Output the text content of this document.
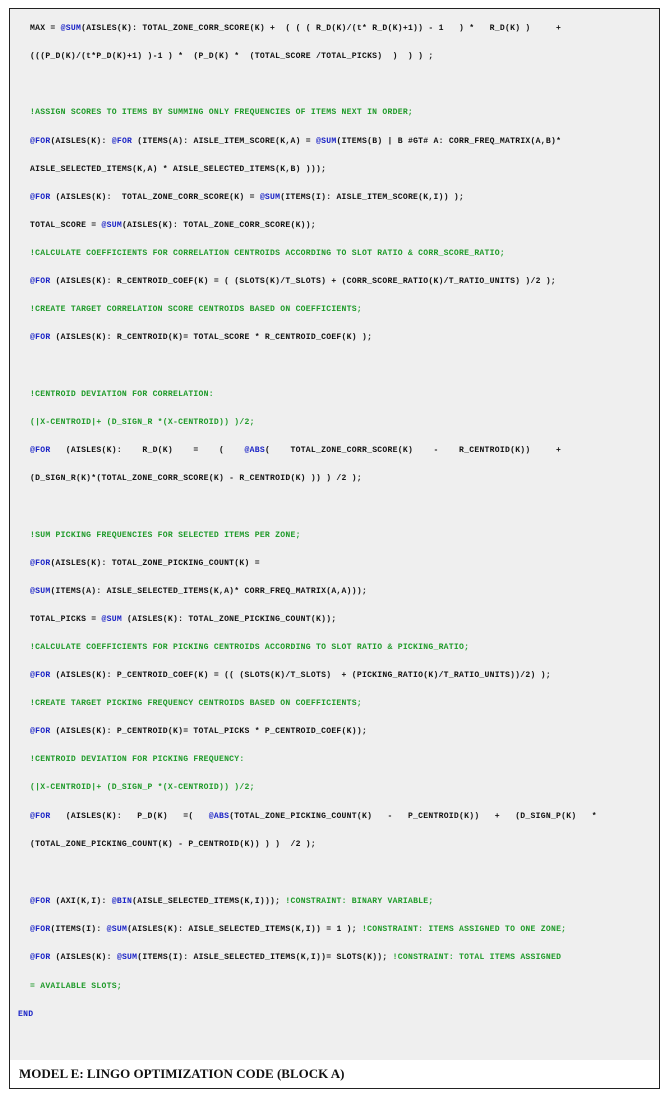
MAX = @SUM(AISLES(K): TOTAL_ZONE_CORR_SCORE(K) +  ( ( ( R_D(K)/(t* R_D(K)+1)) - 1   ) *   R_D(K) )     +
(((P_D(K)/(t*P_D(K)+1) )-1 ) *  (P_D(K) *  (TOTAL_SCORE /TOTAL_PICKS)  )  ) ) ;
!ASSIGN SCORES TO ITEMS BY SUMMING ONLY FREQUENCIES OF ITEMS NEXT IN ORDER;
@FOR(AISLES(K): @FOR (ITEMS(A): AISLE_ITEM_SCORE(K,A) = @SUM(ITEMS(B) | B #GT# A: CORR_FREQ_MATRIX(A,B)*
AISLE_SELECTED_ITEMS(K,A) * AISLE_SELECTED_ITEMS(K,B) )));
@FOR (AISLES(K):  TOTAL_ZONE_CORR_SCORE(K) = @SUM(ITEMS(I): AISLE_ITEM_SCORE(K,I)) );
TOTAL_SCORE = @SUM(AISLES(K): TOTAL_ZONE_CORR_SCORE(K));
!CALCULATE COEFFICIENTS FOR CORRELATION CENTROIDS ACCORDING TO SLOT RATIO & CORR_SCORE_RATIO;
@FOR (AISLES(K): R_CENTROID_COEF(K) = ( (SLOTS(K)/T_SLOTS) + (CORR_SCORE_RATIO(K)/T_RATIO_UNITS) )/2 );
!CREATE TARGET CORRELATION SCORE CENTROIDS BASED ON COEFFICIENTS;
@FOR (AISLES(K): R_CENTROID(K)= TOTAL_SCORE * R_CENTROID_COEF(K) );
!CENTROID DEVIATION FOR CORRELATION:
(|X-CENTROID|+ (D_SIGN_R *(X-CENTROID)) )/2;
@FOR   (AISLES(K):    R_D(K)    =    (    @ABS(    TOTAL_ZONE_CORR_SCORE(K)    -    R_CENTROID(K))     +
(D_SIGN_R(K)*(TOTAL_ZONE_CORR_SCORE(K) - R_CENTROID(K) )) ) /2 );
!SUM PICKING FREQUENCIES FOR SELECTED ITEMS PER ZONE;
@FOR(AISLES(K): TOTAL_ZONE_PICKING_COUNT(K) =
@SUM(ITEMS(A): AISLE_SELECTED_ITEMS(K,A)* CORR_FREQ_MATRIX(A,A)));
TOTAL_PICKS = @SUM (AISLES(K): TOTAL_ZONE_PICKING_COUNT(K));
!CALCULATE COEFFICIENTS FOR PICKING CENTROIDS ACCORDING TO SLOT RATIO & PICKING_RATIO;
@FOR (AISLES(K): P_CENTROID_COEF(K) = (( (SLOTS(K)/T_SLOTS)  + (PICKING_RATIO(K)/T_RATIO_UNITS))/2) );
!CREATE TARGET PICKING FREQUENCY CENTROIDS BASED ON COEFFICIENTS;
@FOR (AISLES(K): P_CENTROID(K)= TOTAL_PICKS * P_CENTROID_COEF(K));
!CENTROID DEVIATION FOR PICKING FREQUENCY:
(|X-CENTROID|+ (D_SIGN_P *(X-CENTROID)) )/2;
@FOR   (AISLES(K):   P_D(K)   =(   @ABS(TOTAL_ZONE_PICKING_COUNT(K)   -   P_CENTROID(K))   +   (D_SIGN_P(K)   *
(TOTAL_ZONE_PICKING_COUNT(K) - P_CENTROID(K)) ) )  /2 );
@FOR (AXI(K,I): @BIN(AISLE_SELECTED_ITEMS(K,I))); !CONSTRAINT: BINARY VARIABLE;
@FOR(ITEMS(I): @SUM(AISLES(K): AISLE_SELECTED_ITEMS(K,I)) = 1 ); !CONSTRAINT: ITEMS ASSIGNED TO ONE ZONE;
@FOR (AISLES(K): @SUM(ITEMS(I): AISLE_SELECTED_ITEMS(K,I))= SLOTS(K)); !CONSTRAINT: TOTAL ITEMS ASSIGNED
= AVAILABLE SLOTS;
END
MODEL E: LINGO OPTIMIZATION CODE (BLOCK A)
